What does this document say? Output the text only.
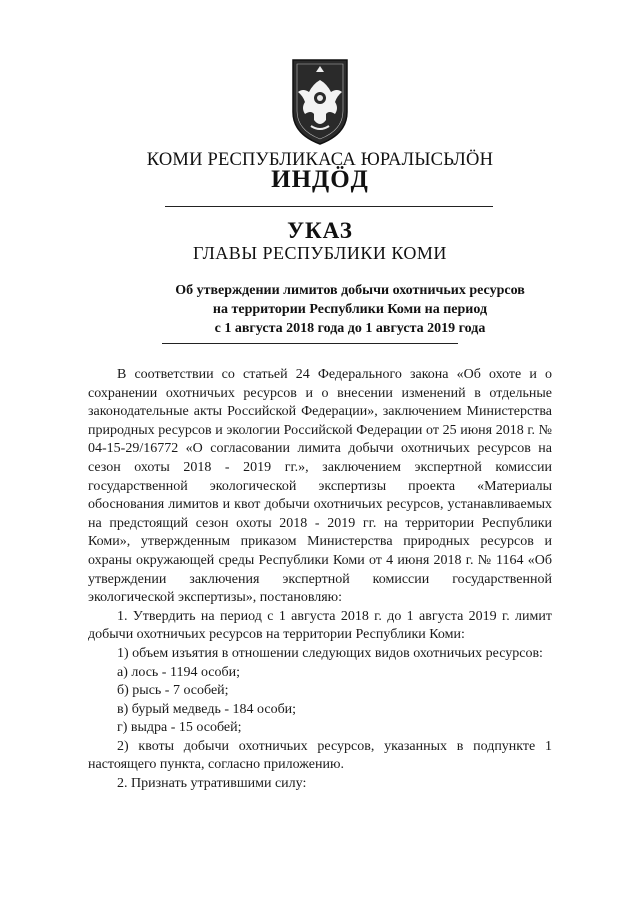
КОМИ РЕСПУБЛИКАСА ЮРАЛЫСЬЛÖН
ИНДÖД
УКАЗ
ГЛАВЫ РЕСПУБЛИКИ КОМИ
Об утверждении лимитов добычи охотничьих ресурсов
на территории Республики Коми на период
с 1 августа 2018 года до 1 августа 2019 года

В соответствии со статьей 24 Федерального закона «Об охоте и о сохранении охотничьих ресурсов и о внесении изменений в отдельные законодательные акты Российской Федерации», заключением Министерства природных ресурсов и экологии Российской Федерации от 25 июня 2018 г. № 04-15-29/16772 «О согласовании лимита добычи охотничьих ресурсов на сезон охоты 2018 - 2019 гг.», заключением экспертной комиссии государственной экологической экспертизы проекта «Материалы обоснования лимитов и квот добычи охотничьих ресурсов, устанавливаемых на предстоящий сезон охоты 2018 - 2019 гг. на территории Республики Коми», утвержденным приказом Министерства природных ресурсов и охраны окружающей среды Республики Коми от 4 июня 2018 г. № 1164 «Об утверждении заключения экспертной комиссии государственной экологической экспертизы», постановляю:

1. Утвердить на период с 1 августа 2018 г. до 1 августа 2019 г. лимит добычи охотничьих ресурсов на территории Республики Коми:

1) объем изъятия в отношении следующих видов охотничьих ресурсов:

а) лось - 1194 особи;

б) рысь - 7 особей;

в) бурый медведь - 184 особи;

г) выдра - 15 особей;

2) квоты добычи охотничьих ресурсов, указанных в подпункте 1 настоящего пункта, согласно приложению.

2. Признать утратившими силу:
